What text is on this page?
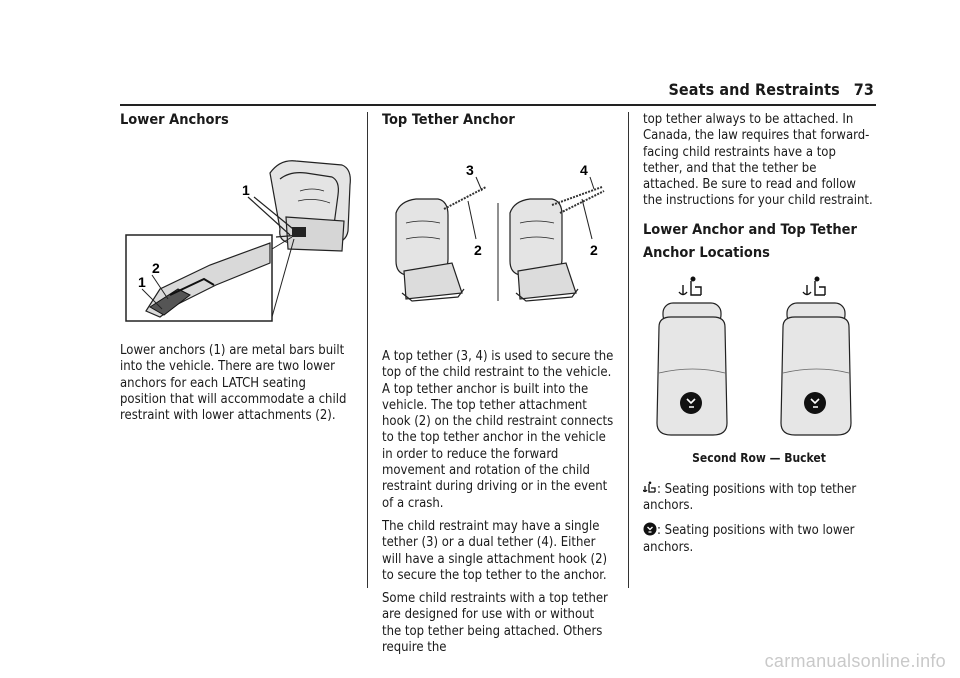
Seats and Restraints 73
Lower Anchors
1
2
1

Lower anchors (1) are metal bars built into the vehicle. There are two lower anchors for each LATCH seating position that will accommodate a child restraint with lower attachments (2).

Top Tether Anchor
3
2
4
2

A top tether (3, 4) is used to secure the top of the child restraint to the vehicle. A top tether anchor is built into the vehicle. The top tether attachment hook (2) on the child restraint connects to the top tether anchor in the vehicle in order to reduce the forward movement and rotation of the child restraint during driving or in the event of a crash.

The child restraint may have a single tether (3) or a dual tether (4). Either will have a single attachment hook (2) to secure the top tether to the anchor.

Some child restraints with a top tether are designed for use with or without the top tether being attached. Others require the

top tether always to be attached. In Canada, the law requires that forward-facing child restraints have a top tether, and that the tether be attached. Be sure to read and follow the instructions for your child restraint.

Lower Anchor and Top Tether Anchor Locations
Second Row — Bucket
: Seating positions with top tether anchors.
: Seating positions with two lower anchors.
carmanualsonline.info
